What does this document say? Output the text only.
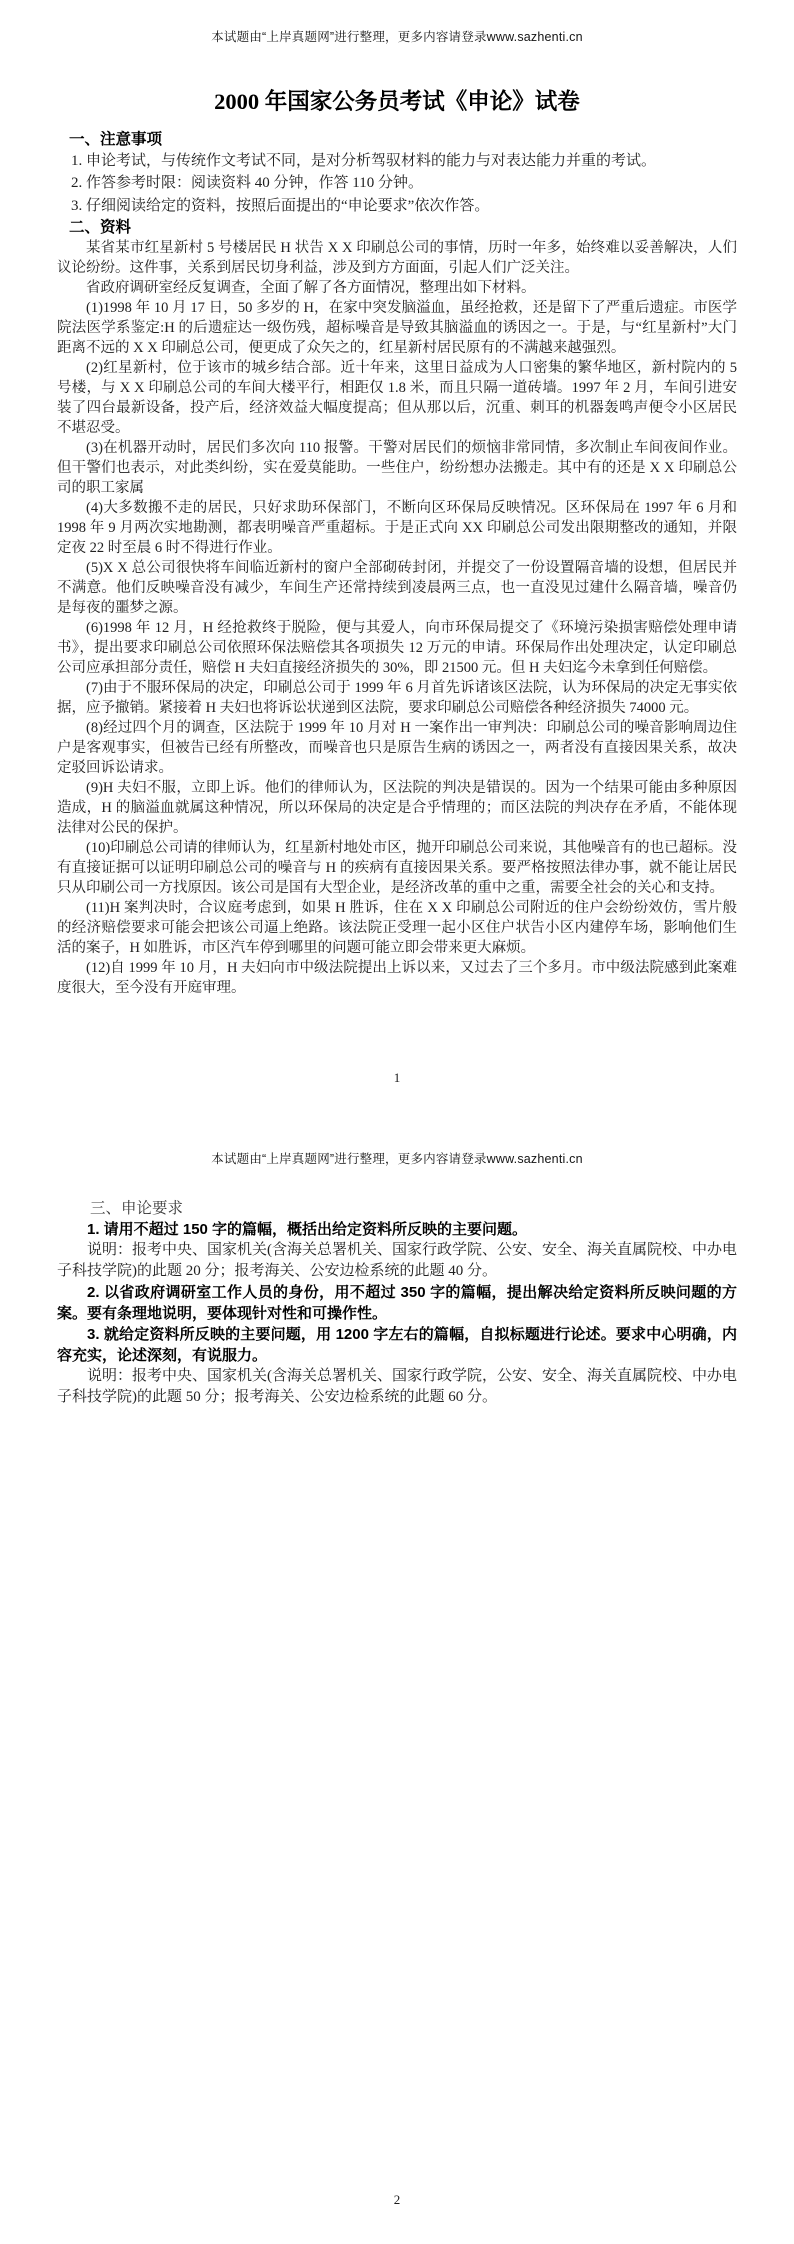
本试题由“上岸真题网”进行整理，更多内容请登录www.sazhenti.cn
2000 年国家公务员考试《申论》试卷
一、注意事项

1. 申论考试，与传统作文考试不同，是对分析驾驭材料的能力与对表达能力并重的考试。

2. 作答参考时限：阅读资料 40 分钟，作答 110 分钟。

3. 仔细阅读给定的资料，按照后面提出的“申论要求”依次作答。

二、资料

某省某市红星新村 5 号楼居民 H 状告 X X 印刷总公司的事情，历时一年多，始终难以妥善解决，人们议论纷纷。这件事，关系到居民切身利益，涉及到方方面面，引起人们广泛关注。

省政府调研室经反复调查，全面了解了各方面情况，整理出如下材料。

(1)1998 年 10 月 17 日，50 多岁的 H，在家中突发脑溢血，虽经抢救，还是留下了严重后遗症。市医学院法医学系鉴定:H 的后遗症达一级伤残，超标噪音是导致其脑溢血的诱因之一。于是，与“红星新村”大门距离不远的 X X 印刷总公司，便更成了众矢之的，红星新村居民原有的不满越来越强烈。

(2)红星新村，位于该市的城乡结合部。近十年来，这里日益成为人口密集的繁华地区，新村院内的 5 号楼，与 X X 印刷总公司的车间大楼平行，相距仅 1.8 米，而且只隔一道砖墙。1997 年 2 月，车间引进安装了四台最新设备，投产后，经济效益大幅度提高；但从那以后，沉重、刺耳的机器轰鸣声便令小区居民不堪忍受。

(3)在机器开动时，居民们多次向 110 报警。干警对居民们的烦恼非常同情，多次制止车间夜间作业。但干警们也表示，对此类纠纷，实在爱莫能助。一些住户，纷纷想办法搬走。其中有的还是 X X 印刷总公司的职工家属

(4)大多数搬不走的居民，只好求助环保部门，不断向区环保局反映情况。区环保局在 1997 年 6 月和 1998 年 9 月两次实地勘测，都表明噪音严重超标。于是正式向 XX 印刷总公司发出限期整改的通知，并限定夜 22 时至晨 6 时不得进行作业。

(5)X X 总公司很快将车间临近新村的窗户全部砌砖封闭，并提交了一份设置隔音墙的设想，但居民并不满意。他们反映噪音没有减少，车间生产还常持续到凌晨两三点，也一直没见过建什么隔音墙，噪音仍是每夜的噩梦之源。

(6)1998 年 12 月，H 经抢救终于脱险，便与其爱人，向市环保局提交了《环境污染损害赔偿处理申请书》，提出要求印刷总公司依照环保法赔偿其各项损失 12 万元的申请。环保局作出处理决定，认定印刷总公司应承担部分责任，赔偿 H 夫妇直接经济损失的 30%，即 21500 元。但 H 夫妇迄今未拿到任何赔偿。

(7)由于不服环保局的决定，印刷总公司于 1999 年 6 月首先诉诸该区法院，认为环保局的决定无事实依据，应予撤销。紧接着 H 夫妇也将诉讼状递到区法院，要求印刷总公司赔偿各种经济损失 74000 元。

(8)经过四个月的调查，区法院于 1999 年 10 月对 H 一案作出一审判决：印刷总公司的噪音影响周边住户是客观事实，但被告已经有所整改，而噪音也只是原告生病的诱因之一，两者没有直接因果关系，故决定驳回诉讼请求。

(9)H 夫妇不服，立即上诉。他们的律师认为，区法院的判决是错误的。因为一个结果可能由多种原因造成，H 的脑溢血就属这种情况，所以环保局的决定是合乎情理的；而区法院的判决存在矛盾，不能体现法律对公民的保护。

(10)印刷总公司请的律师认为，红星新村地处市区，抛开印刷总公司来说，其他噪音有的也已超标。没有直接证据可以证明印刷总公司的噪音与 H 的疾病有直接因果关系。要严格按照法律办事，就不能让居民只从印刷公司一方找原因。该公司是国有大型企业，是经济改革的重中之重，需要全社会的关心和支持。

(11)H 案判决时，合议庭考虑到，如果 H 胜诉，住在 X X 印刷总公司附近的住户会纷纷效仿，雪片般的经济赔偿要求可能会把该公司逼上绝路。该法院正受理一起小区住户状告小区内建停车场，影响他们生活的案子，H 如胜诉，市区汽车停到哪里的问题可能立即会带来更大麻烦。

(12)自 1999 年 10 月，H 夫妇向市中级法院提出上诉以来，又过去了三个多月。市中级法院感到此案难度很大，至今没有开庭审理。

1
本试题由“上岸真题网”进行整理，更多内容请登录www.sazhenti.cn
三、申论要求

1. 请用不超过 150 字的篇幅，概括出给定资料所反映的主要问题。

说明：报考中央、国家机关(含海关总署机关、国家行政学院、公安、安全、海关直属院校、中办电子科技学院)的此题 20 分；报考海关、公安边检系统的此题 40 分。

2. 以省政府调研室工作人员的身份，用不超过 350 字的篇幅，提出解决给定资料所反映问题的方案。要有条理地说明，要体现针对性和可操作性。

3. 就给定资料所反映的主要问题，用 1200 字左右的篇幅，自拟标题进行论述。要求中心明确，内容充实，论述深刻，有说服力。

说明：报考中央、国家机关(含海关总署机关、国家行政学院，公安、安全、海关直属院校、中办电子科技学院)的此题 50 分；报考海关、公安边检系统的此题 60 分。

2
